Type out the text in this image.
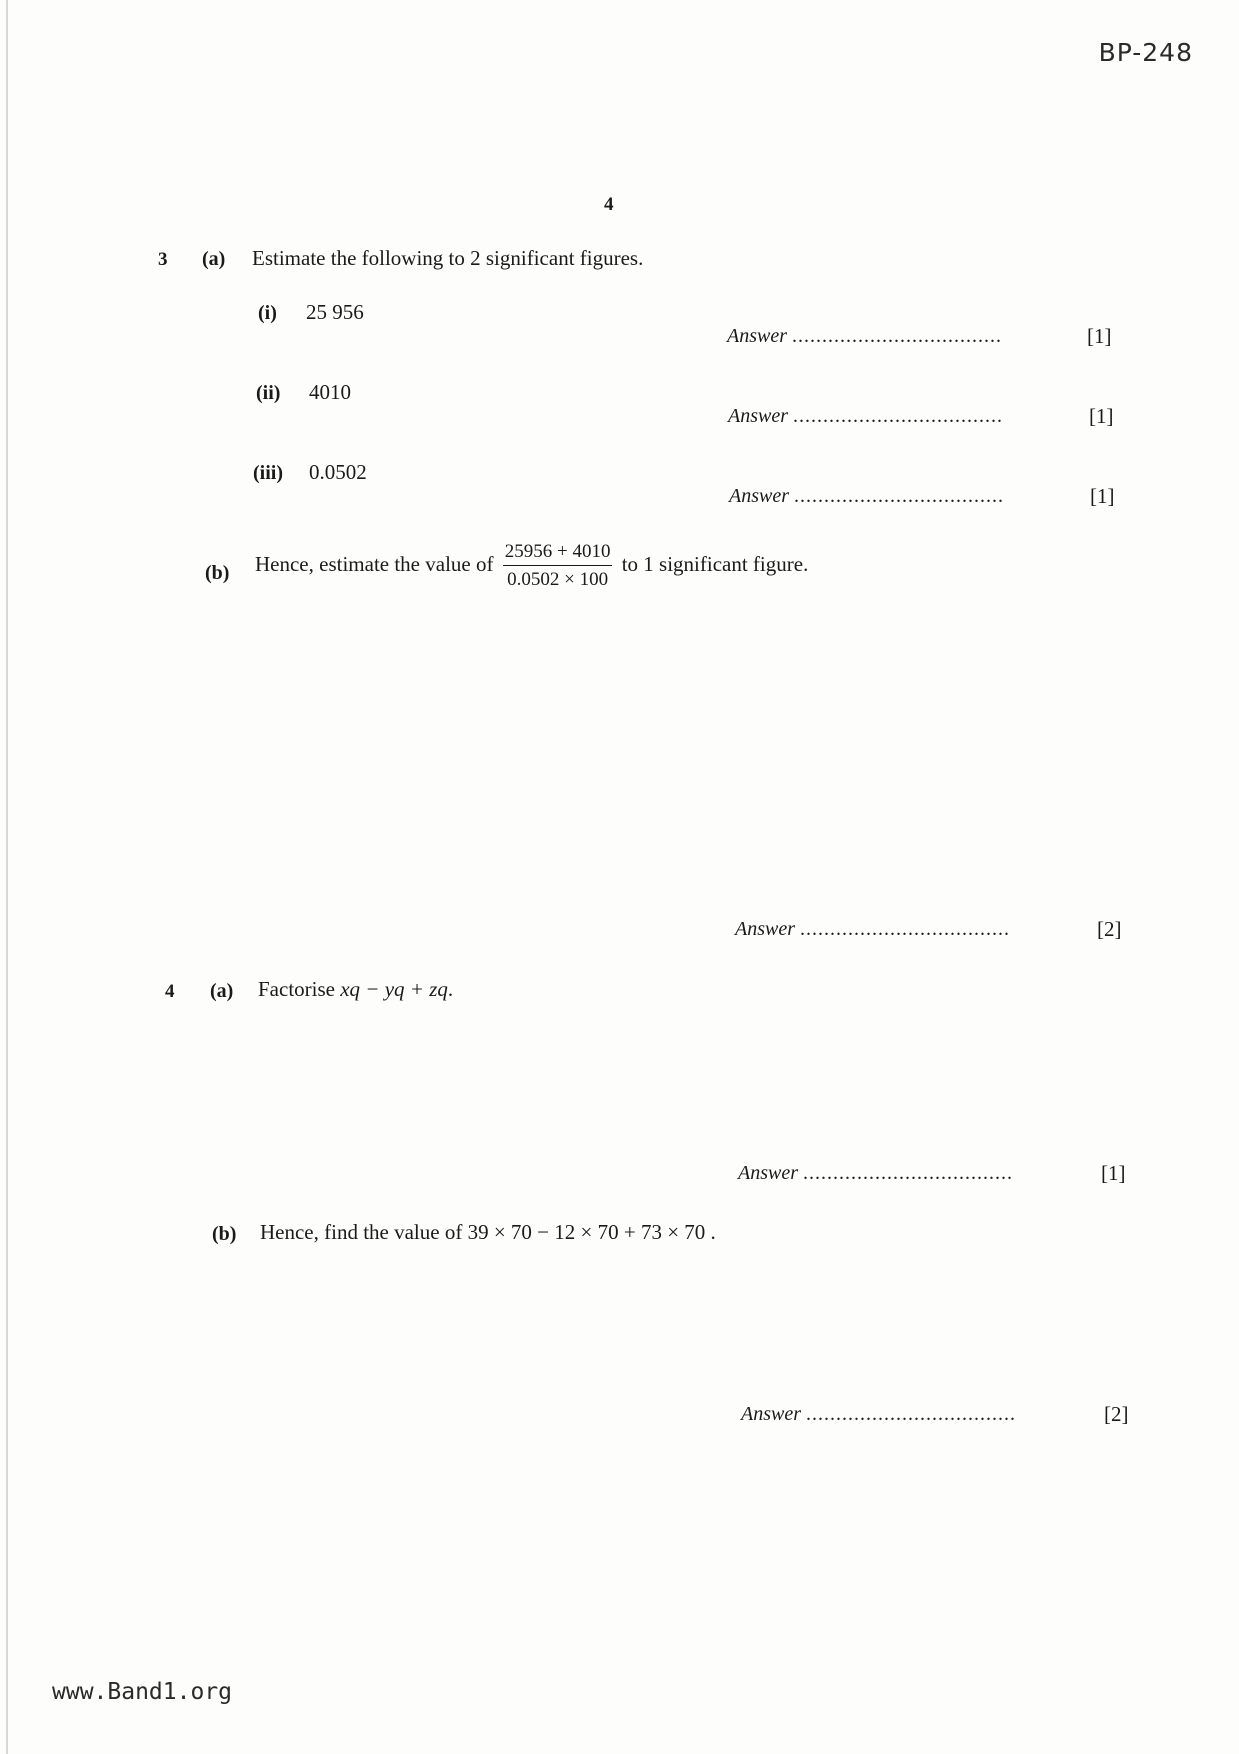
BP-248
4
3 (a) Estimate the following to 2 significant figures.
(i) 25 956
Answer ...................................	[1]
(ii) 4010
Answer ...................................	[1]
(iii) 0.0502
Answer ...................................	[1]
(b) Hence, estimate the value of $\frac{25956 + 4010}{0.0502 \times 100}$ to 1 significant figure.
Answer ...................................	[2]
4 (a) Factorise xq − yq + zq.
Answer ...................................	[1]
(b) Hence, find the value of 39 × 70 − 12 × 70 + 73 × 70 .
Answer ...................................	[2]
www.Band1.org
